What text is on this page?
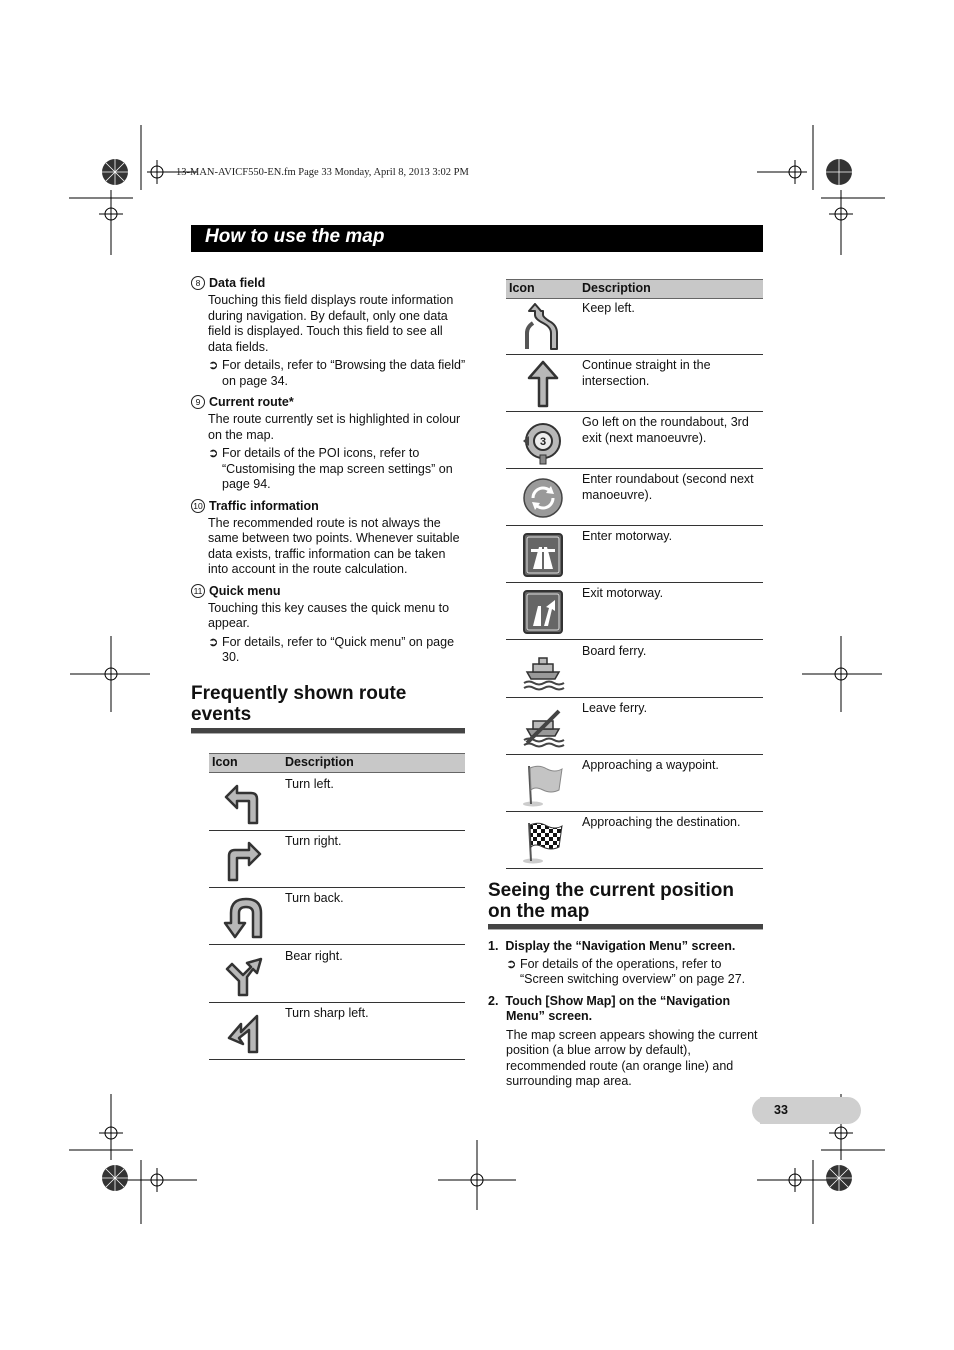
13-MAN-AVICF550-EN.fm Page 33 Monday, April 8, 2013 3:02 PM
How to use the map
8 Data field
Touching this field displays route information during navigation. By default, only one data field is displayed. Touch this field to see all data fields.
➲ For details, refer to “Browsing the data field” on page 34.
9 Current route*
The route currently set is highlighted in colour on the map.
➲ For details of the POI icons, refer to “Customising the map screen settings” on page 94.
10 Traffic information
The recommended route is not always the same between two points. Whenever suitable data exists, traffic information can be taken into account in the route calculation.
11 Quick menu
Touching this key causes the quick menu to appear.
➲ For details, refer to “Quick menu” on page 30.
Frequently shown route events
Icon	Description
Turn left.
Turn right.
Turn back.
Bear right.
Turn sharp left.
Icon	Description
Keep left.
Continue straight in the intersection.
3
Go left on the roundabout, 3rd exit (next manoeuvre).
Enter roundabout (second next manoeuvre).
Enter motorway.
Exit motorway.
Board ferry.
Leave ferry.
Approaching a waypoint.
Approaching the destination.
Seeing the current position on the map
1. Display the “Navigation Menu” screen.
➲ For details of the operations, refer to “Screen switching overview” on page 27.
2. Touch [Show Map] on the “Navigation Menu” screen.
The map screen appears showing the current position (a blue arrow by default), recommended route (an orange line) and surrounding map area.
33
